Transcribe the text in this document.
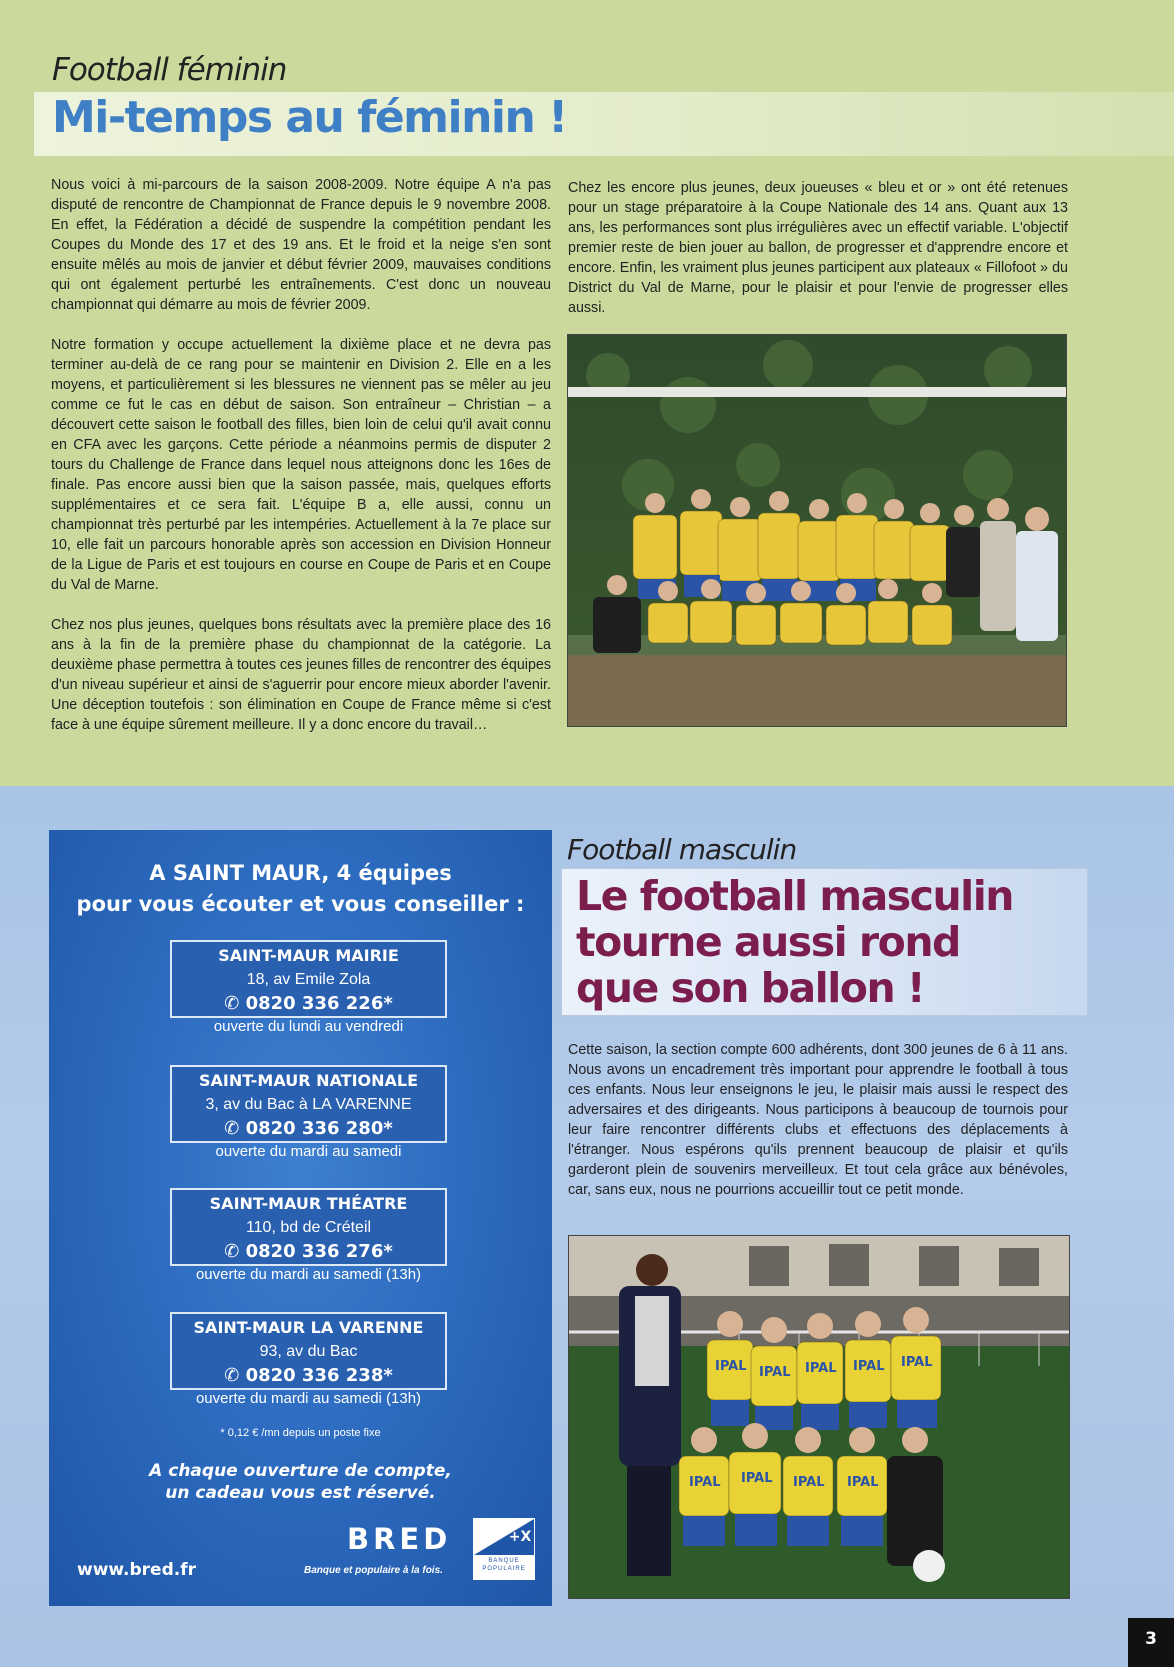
Football féminin
Mi-temps au féminin !

Nous voici à mi-parcours de la saison 2008-2009. Notre équipe A n'a pas disputé de rencontre de Championnat de France depuis le 9 novembre 2008. En effet, la Fédération a décidé de suspendre la compétition pendant les Coupes du Monde des 17 et des 19 ans. Et le froid et la neige s'en sont ensuite mêlés au mois de janvier et début février 2009, mauvaises conditions qui ont également perturbé les entraînements. C'est donc un nouveau championnat qui démarre au mois de février 2009.

Notre formation y occupe actuellement la dixième place et ne devra pas terminer au-delà de ce rang pour se maintenir en Division 2. Elle en a les moyens, et particulièrement si les blessures ne viennent pas se mêler au jeu comme ce fut le cas en début de saison. Son entraîneur – Christian – a découvert cette saison le football des filles, bien loin de celui qu'il avait connu en CFA avec les garçons. Cette période a néanmoins permis de disputer 2 tours du Challenge de France dans lequel nous atteignons donc les 16es de finale. Pas encore aussi bien que la saison passée, mais, quelques efforts supplémentaires et ce sera fait. L'équipe B a, elle aussi, connu un championnat très perturbé par les intempéries. Actuellement à la 7e place sur 10, elle fait un parcours honorable après son accession en Division Honneur de la Ligue de Paris et est toujours en course en Coupe de Paris et en Coupe du Val de Marne.

Chez nos plus jeunes, quelques bons résultats avec la première place des 16 ans à la fin de la première phase du championnat de la catégorie. La deuxième phase permettra à toutes ces jeunes filles de rencontrer des équipes d'un niveau supérieur et ainsi de s'aguerrir pour encore mieux aborder l'avenir. Une déception toutefois : son élimination en Coupe de France même si c'est face à une équipe sûrement meilleure. Il y a donc encore du travail…

Chez les encore plus jeunes, deux joueuses « bleu et or » ont été retenues pour un stage préparatoire à la Coupe Nationale des 14 ans. Quant aux 13 ans, les performances sont plus irrégulières avec un effectif variable. L'objectif premier reste de bien jouer au ballon, de progresser et d'apprendre encore et encore. Enfin, les vraiment plus jeunes participent aux plateaux « Fillofoot » du District du Val de Marne, pour le plaisir et pour l'envie de progresser elles aussi.

A SAINT MAUR, 4 équipes
pour vous écouter et vous conseiller :
SAINT-MAUR MAIRIE
18, av Emile Zola
✆ 0820 336 226*
ouverte du lundi au vendredi
SAINT-MAUR NATIONALE
3, av du Bac à LA VARENNE
✆ 0820 336 280*
ouverte du mardi au samedi
SAINT-MAUR THÉATRE
110, bd de Créteil
✆ 0820 336 276*
ouverte du mardi au samedi (13h)
SAINT-MAUR LA VARENNE
93, av du Bac
✆ 0820 336 238*
ouverte du mardi au samedi (13h)
* 0,12 € /mn depuis un poste fixe
A chaque ouverture de compte,
un cadeau vous est réservé.
www.bred.fr
BRED
Banque et populaire à la fois.
+X
BANQUE POPULAIRE
Football masculin
Le football masculin
tourne aussi rond
que son ballon !

Cette saison, la section compte 600 adhérents, dont 300 jeunes de 6 à 11 ans. Nous avons un encadrement très important pour apprendre le football à tous ces enfants. Nous leur enseignons le jeu, le plaisir mais aussi le respect des adversaires et des dirigeants. Nous participons à beaucoup de tournois pour leur faire rencontrer différents clubs et effectuons des déplacements à l'étranger. Nous espérons qu'ils prennent beaucoup de plaisir et qu'ils garderont plein de souvenirs merveilleux. Et tout cela grâce aux bénévoles, car, sans eux, nous ne pourrions accueillir tout ce petit monde.

IPAL IPAL IPAL IPAL IPAL
IPAL IPAL IPAL IPAL
3
